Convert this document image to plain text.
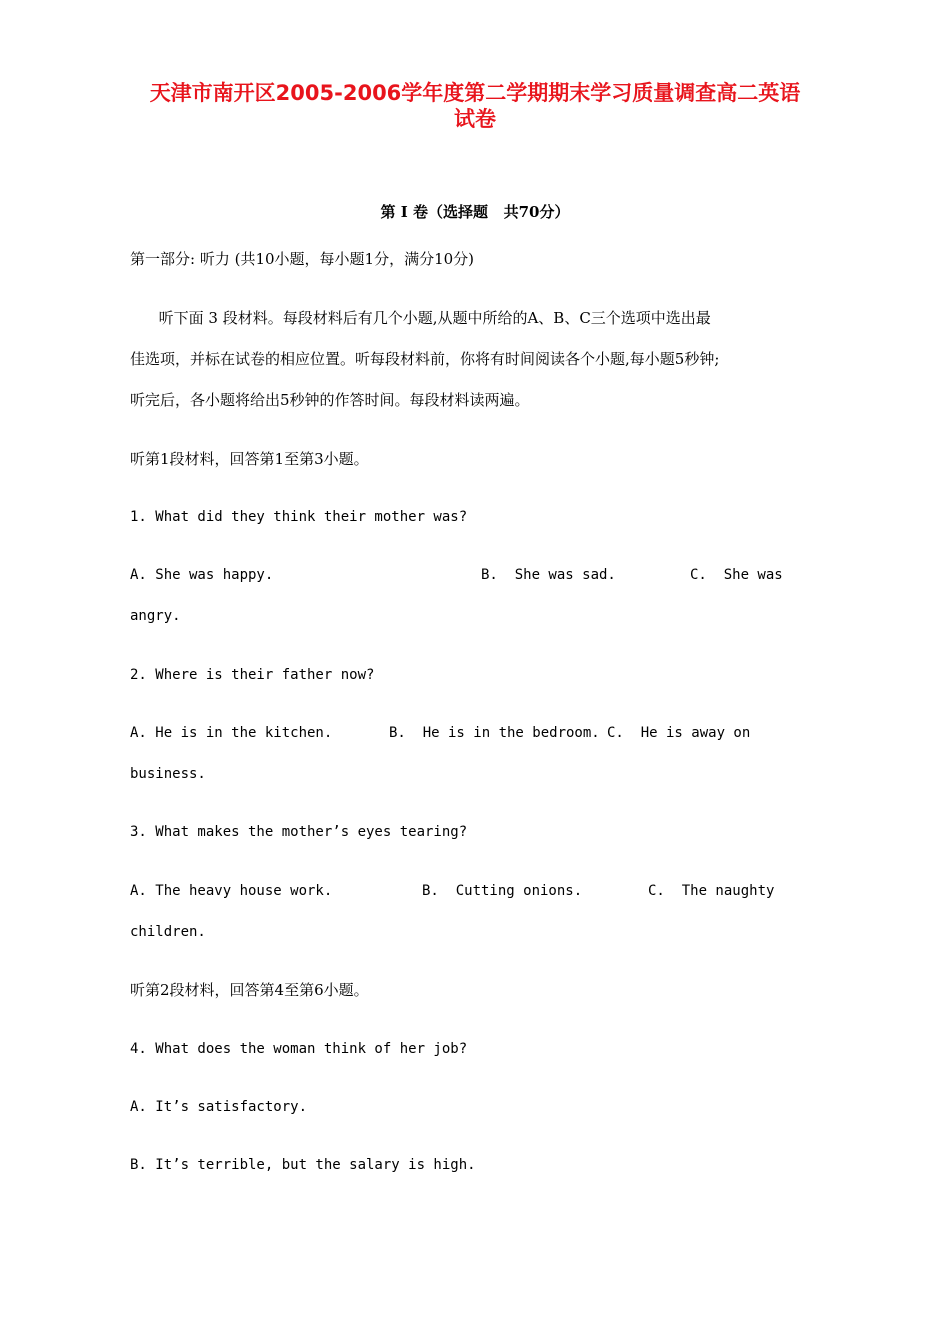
天津市南开区2005-2006学年度第二学期期末学习质量调查高二英语
试卷
第 I 卷（选择题   共70分）
第一部分: 听力 (共10小题，每小题1分，满分10分)
听下面 3 段材料。每段材料后有几个小题,从题中所给的A、B、C三个选项中选出最
佳选项，并标在试卷的相应位置。听每段材料前，你将有时间阅读各个小题,每小题5秒钟;
听完后，各小题将给出5秒钟的作答时间。每段材料读两遍。
听第1段材料，回答第1至第3小题。
1. What did they think their mother was?
A. She was happy.	B.  She was sad.	C.  She was
angry.
2. Where is their father now?
A. He is in the kitchen.	B.  He is in the bedroom. C.  He is away on
business.
3. What makes the mother’s eyes tearing?
A. The heavy house work.	B.  Cutting onions.	C.  The naughty
children.
听第2段材料，回答第4至第6小题。
4. What does the woman think of her job?
A. It’s satisfactory.
B. It’s terrible, but the salary is high.
